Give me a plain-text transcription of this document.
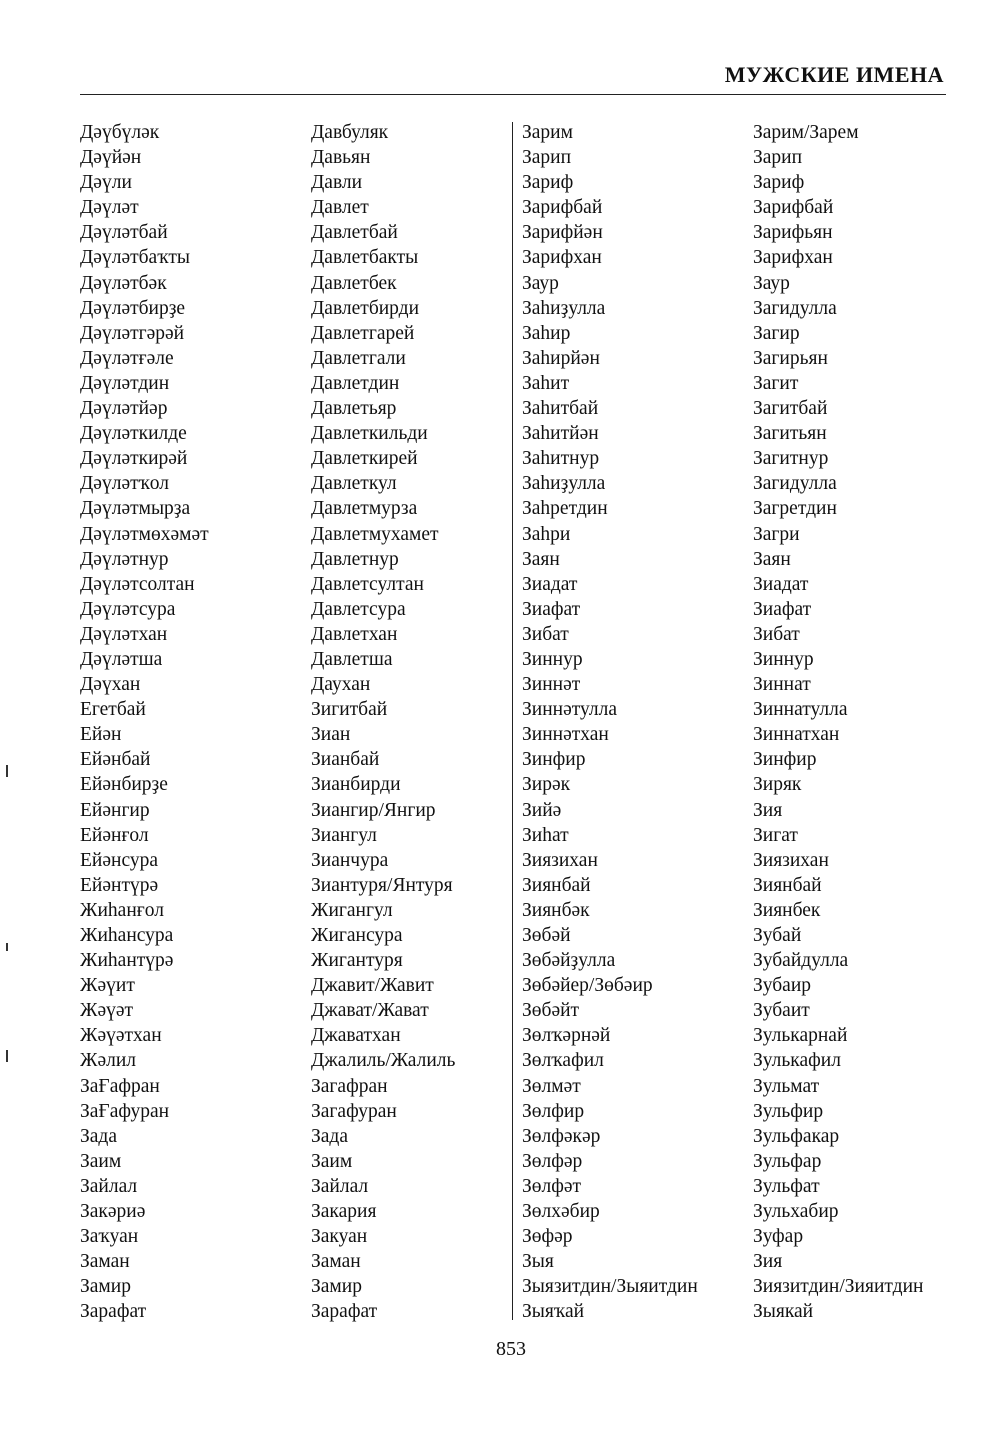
МУЖСКИЕ ИМЕНА
Дәүбүләк
Дәүйән
Дәүли
Дәүләт
Дәүләтбай
Дәүләтбаҡты
Дәүләтбәк
Дәүләтбирҙе
Дәүләтгәрәй
Дәүләтғәле
Дәүләтдин
Дәүләтйәр
Дәүләткилде
Дәүләткирәй
Дәүләтҡол
Дәүләтмырҙа
Дәүләтмөхәмәт
Дәүләтнур
Дәүләтсолтан
Дәүләтсура
Дәүләтхан
Дәүләтша
Дәүхан
Егетбай
Ейән
Ейәнбай
Ейәнбирҙе
Ейәнгир
Ейәнғол
Ейәнсура
Ейәнтүрә
Жиһанғол
Жиһансура
Жиһантүрә
Жәүит
Жәүәт
Жәүәтхан
Жәлил
ЗаҒафран
ЗаҒафуран
Зада
Заим
Зайлал
Закәриә
Заҡуан
Заман
Замир
Зарафат
Давбуляк
Давьян
Давли
Давлет
Давлетбай
Давлетбакты
Давлетбек
Давлетбирди
Давлетгарей
Давлетгали
Давлетдин
Давлетьяр
Давлеткильди
Давлеткирей
Давлеткул
Давлетмурза
Давлетмухамет
Давлетнур
Давлетсултан
Давлетсура
Давлетхан
Давлетша
Даухан
Зигитбай
Зиан
Зианбай
Зианбирди
Зиангир/Янгир
Зиангул
Зианчура
Зиантуря/Янтуря
Жигангул
Жигансура
Жигантуря
Джавит/Жавит
Джават/Жават
Джаватхан
Джалиль/Жалиль
Загафран
Загафуран
Зада
Заим
Зайлал
Закария
Закуан
Заман
Замир
Зарафат
Зарим
Зарип
Зариф
Зарифбай
Зарифйән
Зарифхан
Заур
Заһиҙулла
Заһир
Заһирйән
Заһит
Заһитбай
Заһитйән
Заһитнур
Заһиҙулла
Заһретдин
Заһри
Заян
Зиадат
Зиафат
Зибат
Зиннур
Зиннәт
Зиннәтулла
Зиннәтхан
Зинфир
Зирәк
Зийә
Зиһат
Зиязихан
Зиянбай
Зиянбәк
Зөбәй
Зөбәйҙулла
Зөбәйер/Зөбәир
Зөбәйт
Зөлҡәрнәй
Зөлҡафил
Зөлмәт
Зөлфир
Зөлфәкәр
Зөлфәр
Зөлфәт
Зөлхәбир
Зөфәр
Зыя
Зыязитдин/Зыяитдин
Зыяҡай
Зарим/Зарем
Зарип
Зариф
Зарифбай
Зарифьян
Зарифхан
Заур
Загидулла
Загир
Загирьян
Загит
Загитбай
Загитьян
Загитнур
Загидулла
Загретдин
Загри
Заян
Зиадат
Зиафат
Зибат
Зиннур
Зиннат
Зиннатулла
Зиннатхан
Зинфир
Зиряк
Зия
Зигат
Зиязихан
Зиянбай
Зиянбек
Зубай
Зубайдулла
Зубаир
Зубаит
Зулькарнай
Зулькафил
Зульмат
Зульфир
Зульфакар
Зульфар
Зульфат
Зульхабир
Зуфар
Зия
Зиязитдин/Зияитдин
Зыякай
853
